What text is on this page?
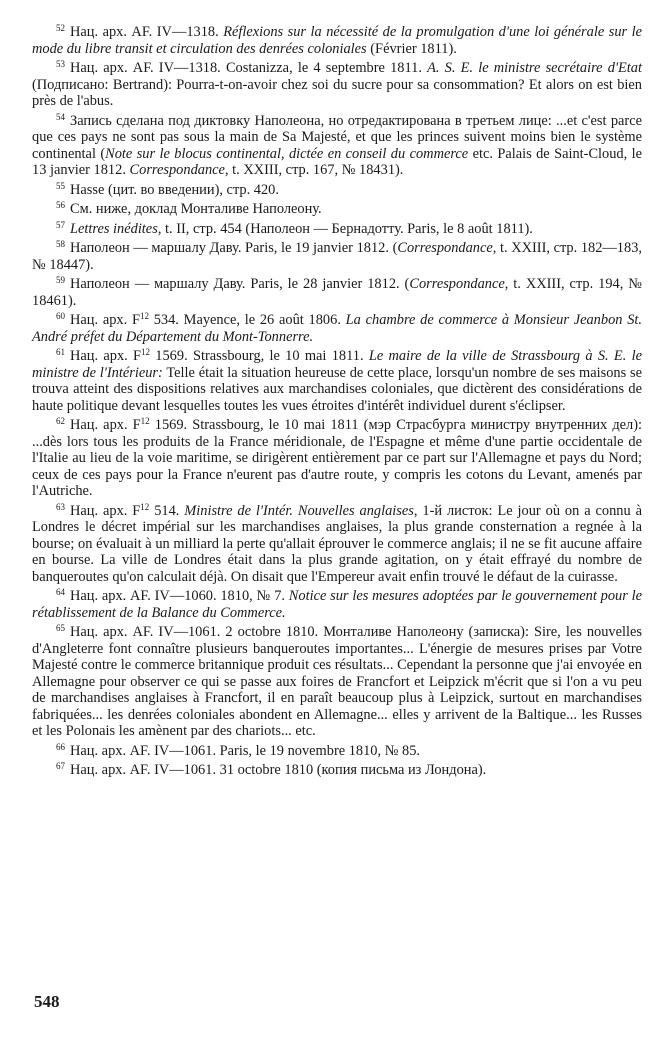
$^{52}$ Нац. арх. AF. IV—1318. Réflexions sur la nécessité de la promulgation d'une loi générale sur le mode du libre transit et circulation des denrées coloniales (Février 1811).

$^{53}$ Нац. арх. AF. IV—1318. Costanizza, le 4 septembre 1811. A. S. E. le ministre secrétaire d'Etat (Подписано: Bertrand): Pourra-t-on-avoir chez soi du sucre pour sa consommation? Et alors on est bien près de l'abus.

$^{54}$ Запись сделана под диктовку Наполеона, но отредактирована в третьем лице: ...et c'est parce que ces pays ne sont pas sous la main de Sa Majesté, et que les princes suivent moins bien le système continental (Note sur le blocus continental, dictée en conseil du commerce etc. Palais de Saint-Cloud, le 13 janvier 1812. Correspondance, t. XXIII, стр. 167, № 18431).

$^{55}$ Hasse (цит. во введении), стр. 420.

$^{56}$ См. ниже, доклад Монталиве Наполеону.

$^{57}$ Lettres inédites, t. II, стр. 454 (Наполеон — Бернадотту. Paris, le 8 août 1811).

$^{58}$ Наполеон — маршалу Даву. Paris, le 19 janvier 1812. (Correspondance, t. XXIII, стр. 182—183, № 18447).

$^{59}$ Наполеон — маршалу Даву. Paris, le 28 janvier 1812. (Correspondance, t. XXIII, стр. 194, № 18461).

$^{60}$ Нац. арх. $F^{12}$ 534. Mayence, le 26 août 1806. La chambre de commerce à Monsieur Jeanbon St. André préfet du Département du Mont-Tonnerre.

$^{61}$ Нац. арх. $F^{12}$ 1569. Strassbourg, le 10 mai 1811. Le maire de la ville de Strassbourg à S. E. le ministre de l'Intérieur: Telle était la situation heureuse de cette place, lorsqu'un nombre de ses maisons se trouva atteint des dispositions relatives aux marchandises coloniales, que dictèrent des considérations de haute politique devant lesquelles toutes les vues étroites d'intérêt individuel durent s'éclipser.

$^{62}$ Нац. арх. $F^{12}$ 1569. Strassbourg, le 10 mai 1811 (мэр Страсбурга министру внутренних дел): ...dès lors tous les produits de la France méridionale, de l'Espagne et même d'une partie occidentale de l'Italie au lieu de la voie maritime, se dirigèrent entièrement par ce part sur l'Allemagne et pays du Nord; ceux de ces pays pour la France n'eurent pas d'autre route, y compris les cotons du Levant, amenés par l'Autriche.

$^{63}$ Нац. арх. $F^{12}$ 514. Ministre de l'Intér. Nouvelles anglaises, 1-й листок: Le jour où on a connu à Londres le décret impérial sur les marchandises anglaises, la plus grande consternation a regnée à la bourse; on évaluait à un milliard la perte qu'allait éprouver le commerce anglais; il ne se fit aucune affaire en bourse. La ville de Londres était dans la plus grande agitation, on y était effrayé du nombre de banqueroutes qu'on calculait déjà. On disait que l'Empereur avait enfin trouvé le défaut de la cuirasse.

$^{64}$ Нац. арх. AF. IV—1060. 1810, № 7. Notice sur les mesures adoptées par le gouvernement pour le rétablissement de la Balance du Commerce.

$^{65}$ Нац. арх. AF. IV—1061. 2 octobre 1810. Монталиве Наполеону (записка): Sire, les nouvelles d'Angleterre font connaître plusieurs banqueroutes importantes... L'énergie de mesures prises par Votre Majesté contre le commerce britannique produit ces résultats... Cependant la personne que j'ai envoyée en Allemagne pour observer ce qui se passe aux foires de Francfort et Leipzick m'écrit que si l'on a vu peu de marchandises anglaises à Francfort, il en paraît beaucoup plus à Leipzick, surtout en marchandises fabriquées... les denrées coloniales abondent en Allemagne... elles y arrivent de la Baltique... les Russes et les Polonais les amènent par des chariots... etc.

$^{66}$ Нац. арх. AF. IV—1061. Paris, le 19 novembre 1810, № 85.

$^{67}$ Нац. арх. AF. IV—1061. 31 octobre 1810 (копия письма из Лондона).

548
